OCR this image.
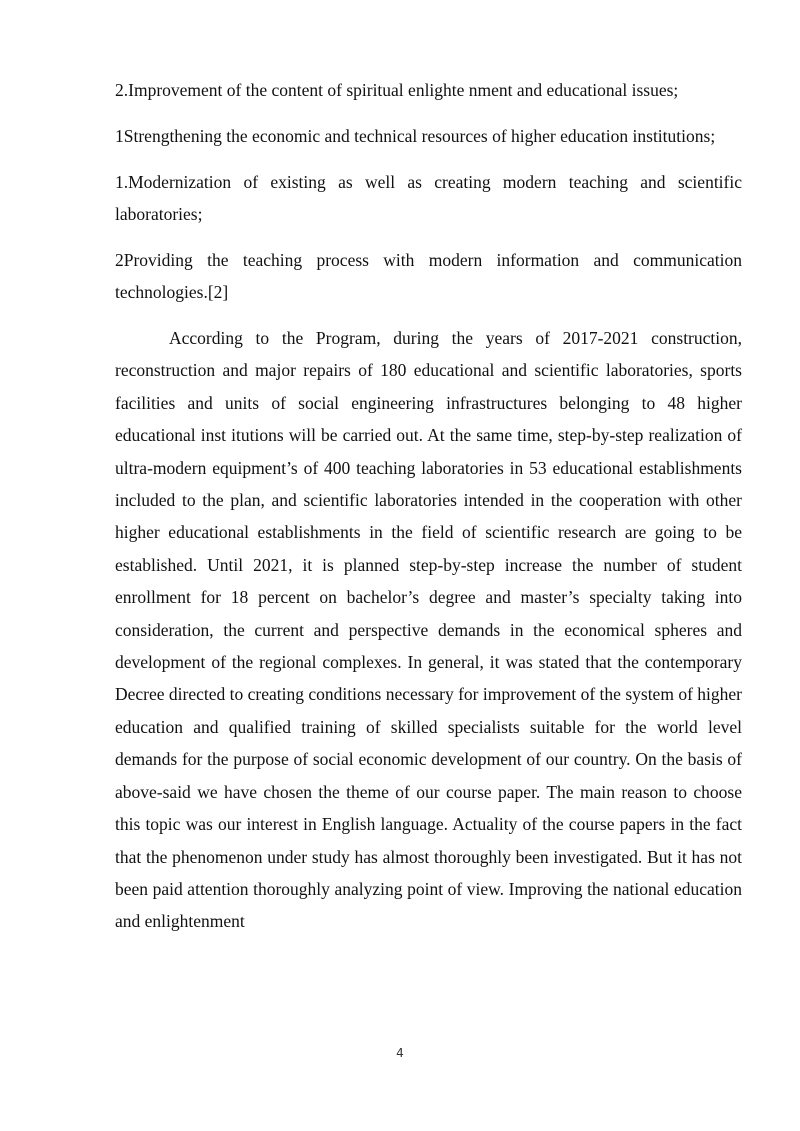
2.Improvement of the content of spiritual enlighte nment and educational issues;

1Strengthening the economic and technical resources of higher education institutions;

1.Modernization of existing as well as creating modern teaching and scientific laboratories;

2Providing the teaching process with modern information and communication technologies.[2]

According to the Program, during the years of 2017-2021 construction, reconstruction and major repairs of 180 educational and scientific laboratories, sports facilities and units of social engineering infrastructures belonging to 48 higher educational inst itutions will be carried out. At the same time, step-by-step realization of ultra-modern equipment’s of 400 teaching laboratories in 53 educational establishments included to the plan, and scientific laboratories intended in the cooperation with other higher educational establishments in the field of scientific research are going to be established. Until 2021, it is planned step-by-step increase the number of student enrollment for 18 percent on bachelor’s degree and master’s specialty taking into consideration, the current and perspective demands in the economical spheres and development of the regional complexes. In general, it was stated that the contemporary Decree directed to creating conditions necessary for improvement of the system of higher education and qualified training of skilled specialists suitable for the world level demands for the purpose of social economic development of our country. On the basis of above-said we have chosen the theme of our course paper. The main reason to choose this topic was our interest in English language. Actuality of the course papers in the fact that the phenomenon under study has almost thoroughly been investigated. But it has not been paid attention thoroughly analyzing point of view. Improving the national education and enlightenment

4
